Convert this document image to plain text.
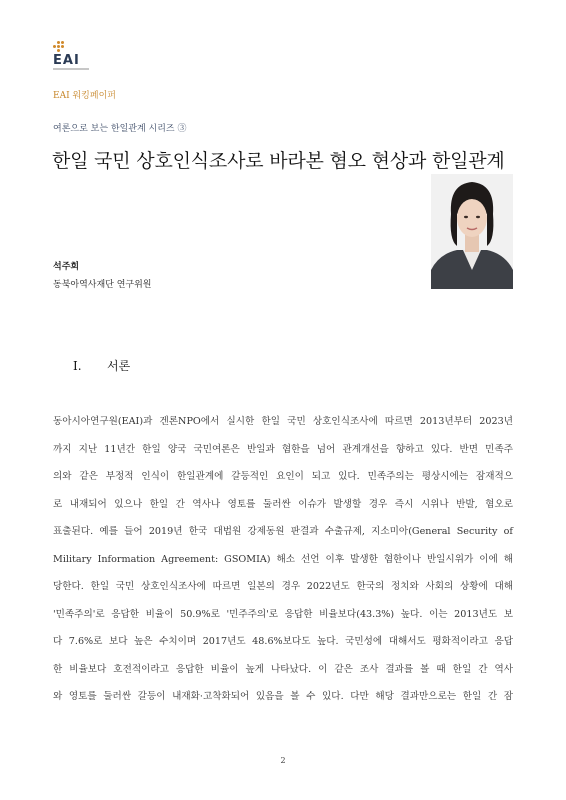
EAI
EAI 워킹페이퍼
여론으로 보는 한일관계 시리즈 ③
한일 국민 상호인식조사로 바라본 혐오 현상과 한일관계
석주희
동북아역사재단 연구위원
I. 서론
동아시아연구원(EAI)과 겐론NPO에서 실시한 한일 국민 상호인식조사에 따르면 2013년부터 2023년
까지 지난 11년간 한일 양국 국민여론은 반일과 혐한을 넘어 관계개선을 향하고 있다. 반면 민족주
의와 같은 부정적 인식이 한일관계에 갈등적인 요인이 되고 있다. 민족주의는 평상시에는 잠재적으
로 내재되어 있으나 한일 간 역사나 영토를 둘러싼 이슈가 발생할 경우 즉시 시위나 반발, 혐오로
표출된다. 예를 들어 2019년 한국 대법원 강제동원 판결과 수출규제, 지소미아(General Security of
Military Information Agreement: GSOMIA) 해소 선언 이후 발생한 혐한이나 반일시위가 이에 해
당한다. 한일 국민 상호인식조사에 따르면 일본의 경우 2022년도 한국의 정치와 사회의 상황에 대해
'민족주의'로 응답한 비율이 50.9%로 '민주주의'로 응답한 비율보다(43.3%) 높다. 이는 2013년도 보
다 7.6%로 보다 높은 수치이며 2017년도 48.6%보다도 높다. 국민성에 대해서도 평화적이라고 응답
한 비율보다 호전적이라고 응답한 비율이 높게 나타났다. 이 같은 조사 결과를 볼 때 한일 간 역사
와 영토를 둘러싼 갈등이 내재화·고착화되어 있음을 볼 수 있다. 다만 해당 결과만으로는 한일 간 잠
2
